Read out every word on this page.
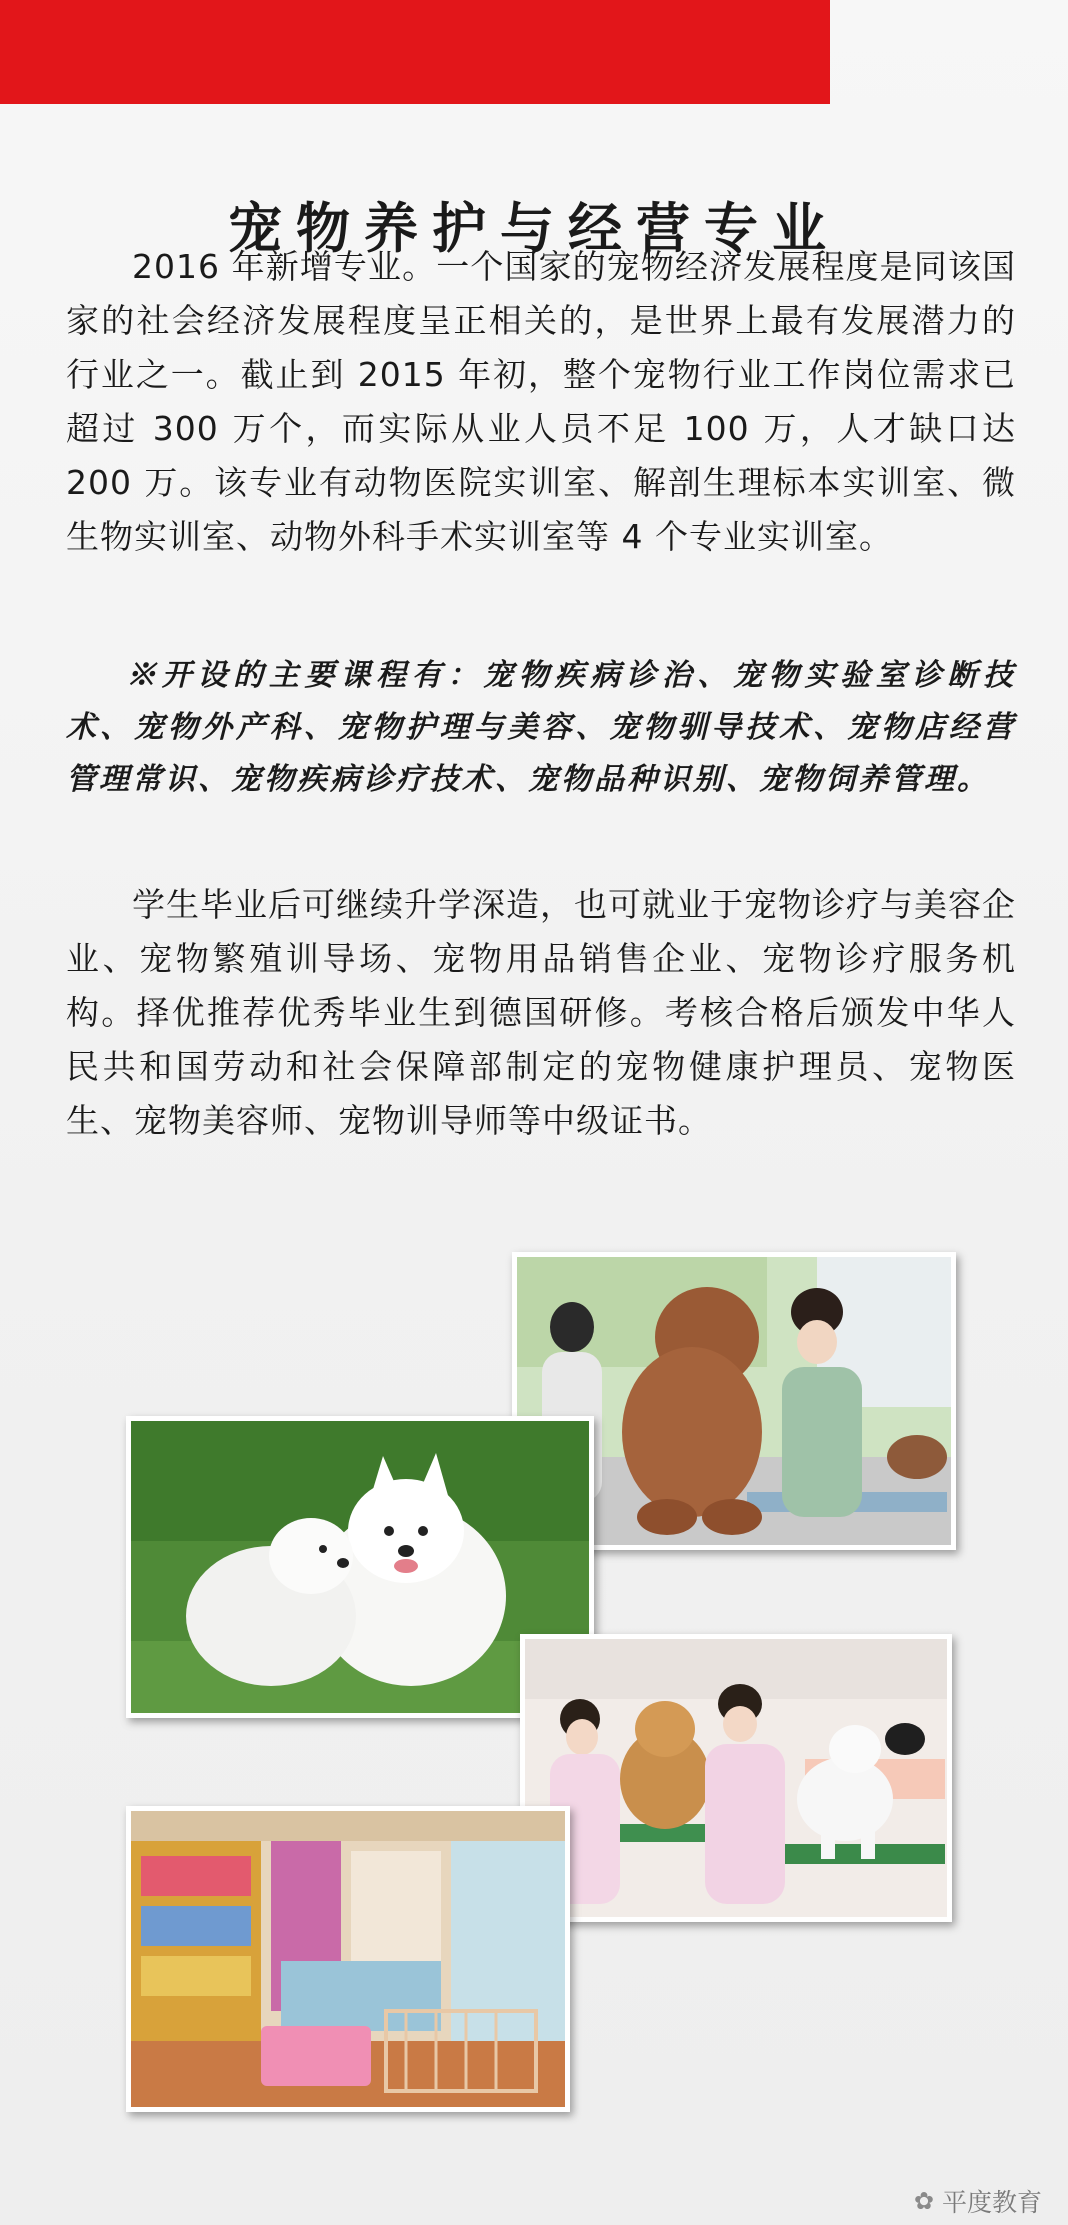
宠物养护与经营专业

2016 年新增专业。一个国家的宠物经济发展程度是同该国家的社会经济发展程度呈正相关的，是世界上最有发展潜力的行业之一。截止到 2015 年初，整个宠物行业工作岗位需求已超过 300 万个，而实际从业人员不足 100 万，人才缺口达 200 万。该专业有动物医院实训室、解剖生理标本实训室、微生物实训室、动物外科手术实训室等 4 个专业实训室。

※开设的主要课程有：宠物疾病诊治、宠物实验室诊断技术、宠物外产科、宠物护理与美容、宠物驯导技术、宠物店经营管理常识、宠物疾病诊疗技术、宠物品种识别、宠物饲养管理。

学生毕业后可继续升学深造，也可就业于宠物诊疗与美容企业、宠物繁殖训导场、宠物用品销售企业、宠物诊疗服务机构。择优推荐优秀毕业生到德国研修。考核合格后颁发中华人民共和国劳动和社会保障部制定的宠物健康护理员、宠物医生、宠物美容师、宠物训导师等中级证书。

✿ 平度教育
